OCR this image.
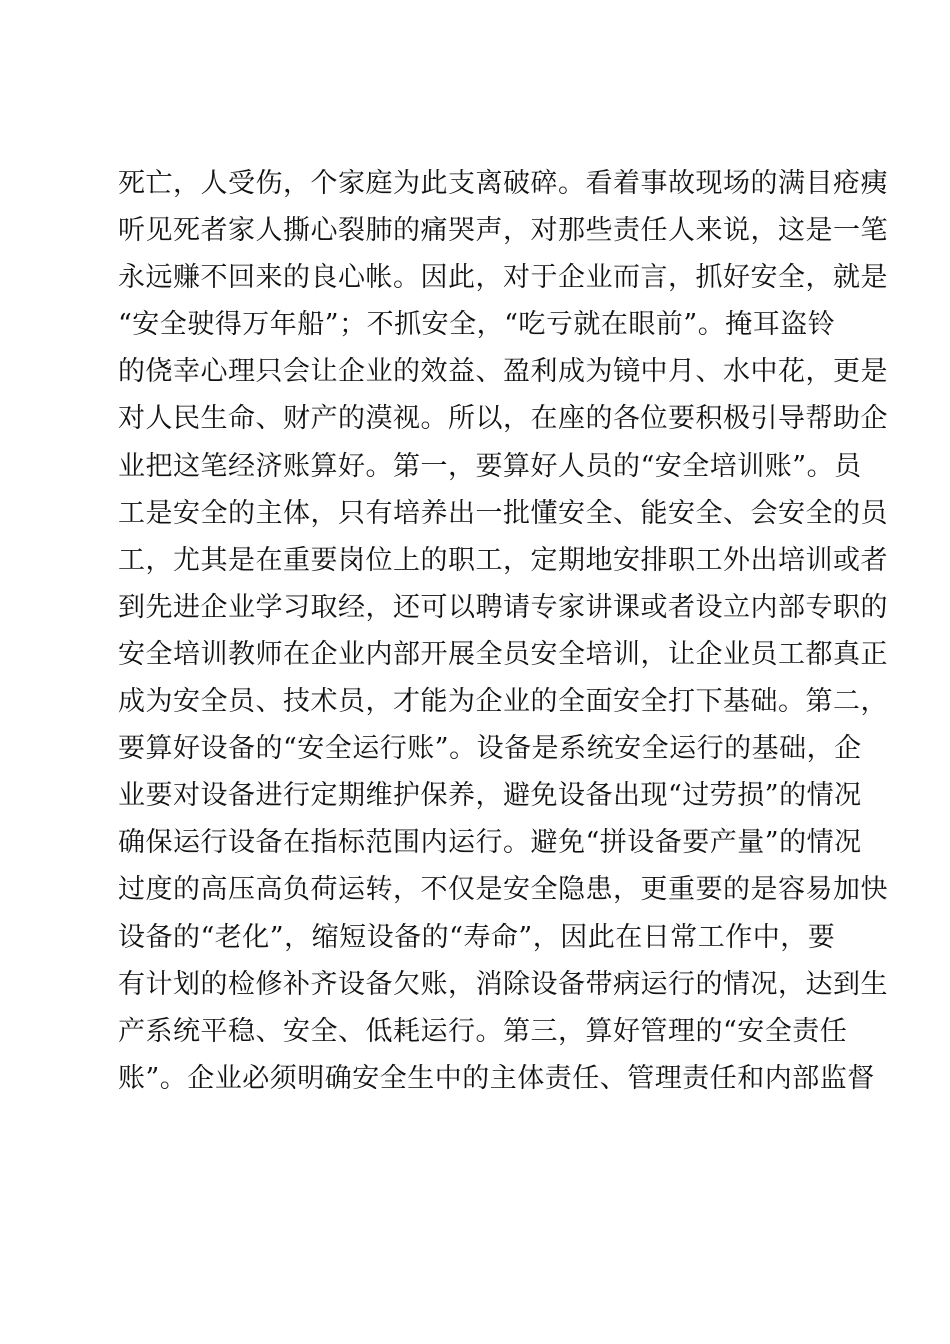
死亡，人受伤，个家庭为此支离破碎。看着事故现场的满目疮痍
听见死者家人撕心裂肺的痛哭声，对那些责任人来说，这是一笔
永远赚不回来的良心帐。因此，对于企业而言，抓好安全，就是
“安全驶得万年船”；不抓安全，“吃亏就在眼前”。掩耳盗铃
的侥幸心理只会让企业的效益、盈利成为镜中月、水中花，更是
对人民生命、财产的漠视。所以，在座的各位要积极引导帮助企
业把这笔经济账算好。第一，要算好人员的“安全培训账”。员
工是安全的主体，只有培养出一批懂安全、能安全、会安全的员
工，尤其是在重要岗位上的职工，定期地安排职工外出培训或者
到先进企业学习取经，还可以聘请专家讲课或者设立内部专职的
安全培训教师在企业内部开展全员安全培训，让企业员工都真正
成为安全员、技术员，才能为企业的全面安全打下基础。第二，
要算好设备的“安全运行账”。设备是系统安全运行的基础，企
业要对设备进行定期维护保养，避免设备出现“过劳损”的情况
确保运行设备在指标范围内运行。避免“拼设备要产量”的情况
过度的高压高负荷运转，不仅是安全隐患，更重要的是容易加快
设备的“老化”，缩短设备的“寿命”，因此在日常工作中，要
有计划的检修补齐设备欠账，消除设备带病运行的情况，达到生
产系统平稳、安全、低耗运行。第三，算好管理的“安全责任
账”。企业必须明确安全生中的主体责任、管理责任和内部监督
